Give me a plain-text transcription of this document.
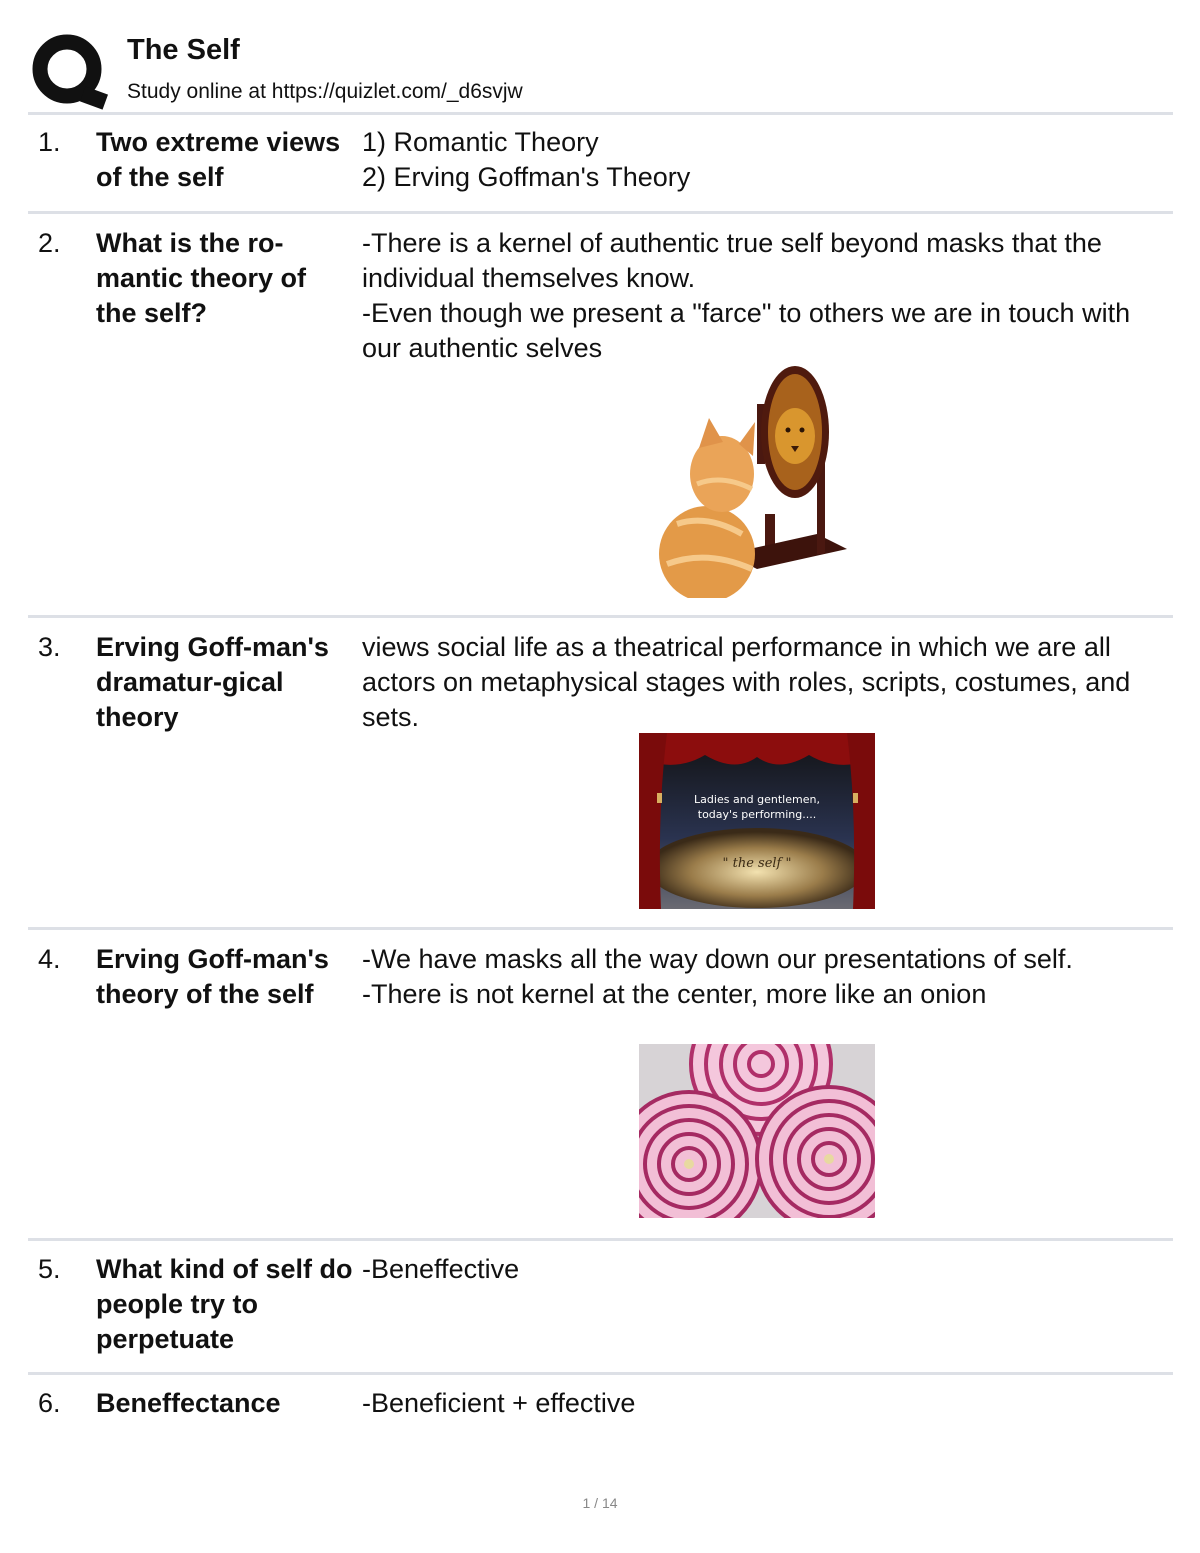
The Self
Study online at https://quizlet.com/_d6svjw
1. Two extreme views of the self

1) Romantic Theory

2) Erving Goffman's Theory

2. What is the ro-mantic theory of the self?

-There is a kernel of authentic true self beyond masks that the individual themselves know.

-Even though we present a "farce" to others we are in touch with our authentic selves

3. Erving Goff-man's dramatur-gical theory

views social life as a theatrical performance in which we are all actors on metaphysical stages with roles, scripts, costumes, and sets.

Ladies and gentlemen,
today's performing....
" the self "
4. Erving Goff-man's theory of the self

-We have masks all the way down our presentations of self.

-There is not kernel at the center, more like an onion

5. What kind of self do people try to perpetuate

-Beneffective

6. Beneffectance	-Beneficient + effective

1 / 14
